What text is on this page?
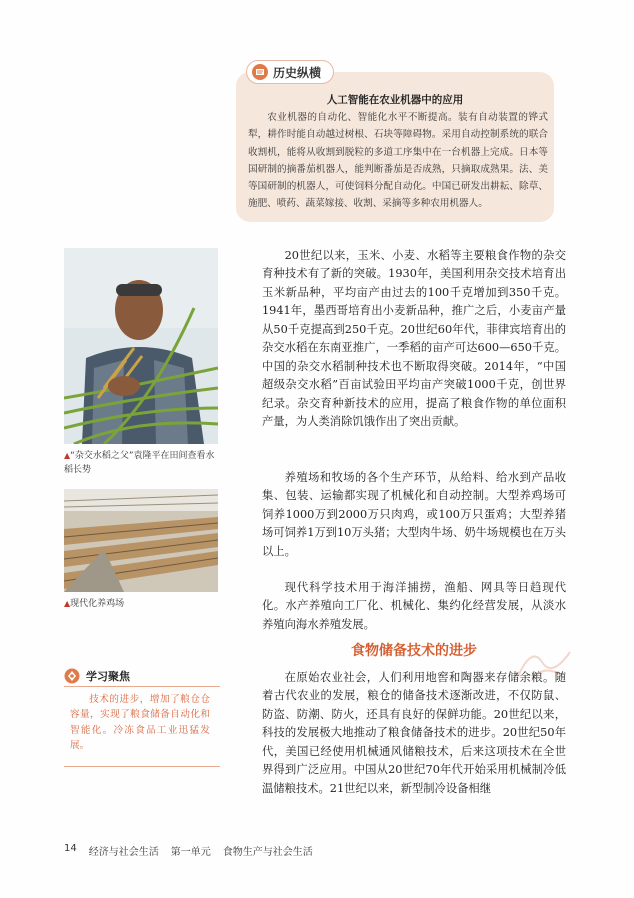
历史纵横
人工智能在农业机器中的应用

农业机器的自动化、智能化水平不断提高。装有自动装置的铧式犁，耕作时能自动越过树根、石块等障碍物。采用自动控制系统的联合收割机，能将从收割到脱粒的多道工序集中在一台机器上完成。日本等国研制的摘番茄机器人，能判断番茄是否成熟，只摘取成熟果。法、美等国研制的机器人，可使饲料分配自动化。中国已研发出耕耘、除草、施肥、喷药、蔬菜嫁接、收割、采摘等多种农用机器人。

▲“杂交水稻之父”袁隆平在田间查看水稻长势

▲现代化养鸡场

20世纪以来，玉米、小麦、水稻等主要粮食作物的杂交育种技术有了新的突破。1930年，美国利用杂交技术培育出玉米新品种，平均亩产由过去的100千克增加到350千克。1941年，墨西哥培育出小麦新品种，推广之后，小麦亩产量从50千克提高到250千克。20世纪60年代，菲律宾培育出的杂交水稻在东南亚推广，一季稻的亩产可达600—650千克。中国的杂交水稻制种技术也不断取得突破。2014年，“中国超级杂交水稻”百亩试验田平均亩产突破1000千克，创世界纪录。杂交育种新技术的应用，提高了粮食作物的单位面积产量，为人类消除饥饿作出了突出贡献。

养殖场和牧场的各个生产环节，从给料、给水到产品收集、包装、运输都实现了机械化和自动控制。大型养鸡场可饲养1000万到2000万只肉鸡，或100万只蛋鸡；大型养猪场可饲养1万到10万头猪；大型肉牛场、奶牛场规模也在万头以上。

现代科学技术用于海洋捕捞，渔船、网具等日趋现代化。水产养殖向工厂化、机械化、集约化经营发展，从淡水养殖向海水养殖发展。

食物储备技术的进步

在原始农业社会，人们利用地窖和陶器来存储余粮。随着古代农业的发展，粮仓的储备技术逐渐改进，不仅防鼠、防盗、防潮、防火，还具有良好的保鲜功能。20世纪以来，科技的发展极大地推动了粮食储备技术的进步。20世纪50年代，美国已经使用机械通风储粮技术，后来这项技术在全世界得到广泛应用。中国从20世纪70年代开始采用机械制冷低温储粮技术。21世纪以来，新型制冷设备相继

学习聚焦

技术的进步，增加了粮仓仓容量，实现了粮食储备自动化和智能化。冷冻食品工业迅猛发展。

14 经济与社会生活 第一单元 食物生产与社会生活
